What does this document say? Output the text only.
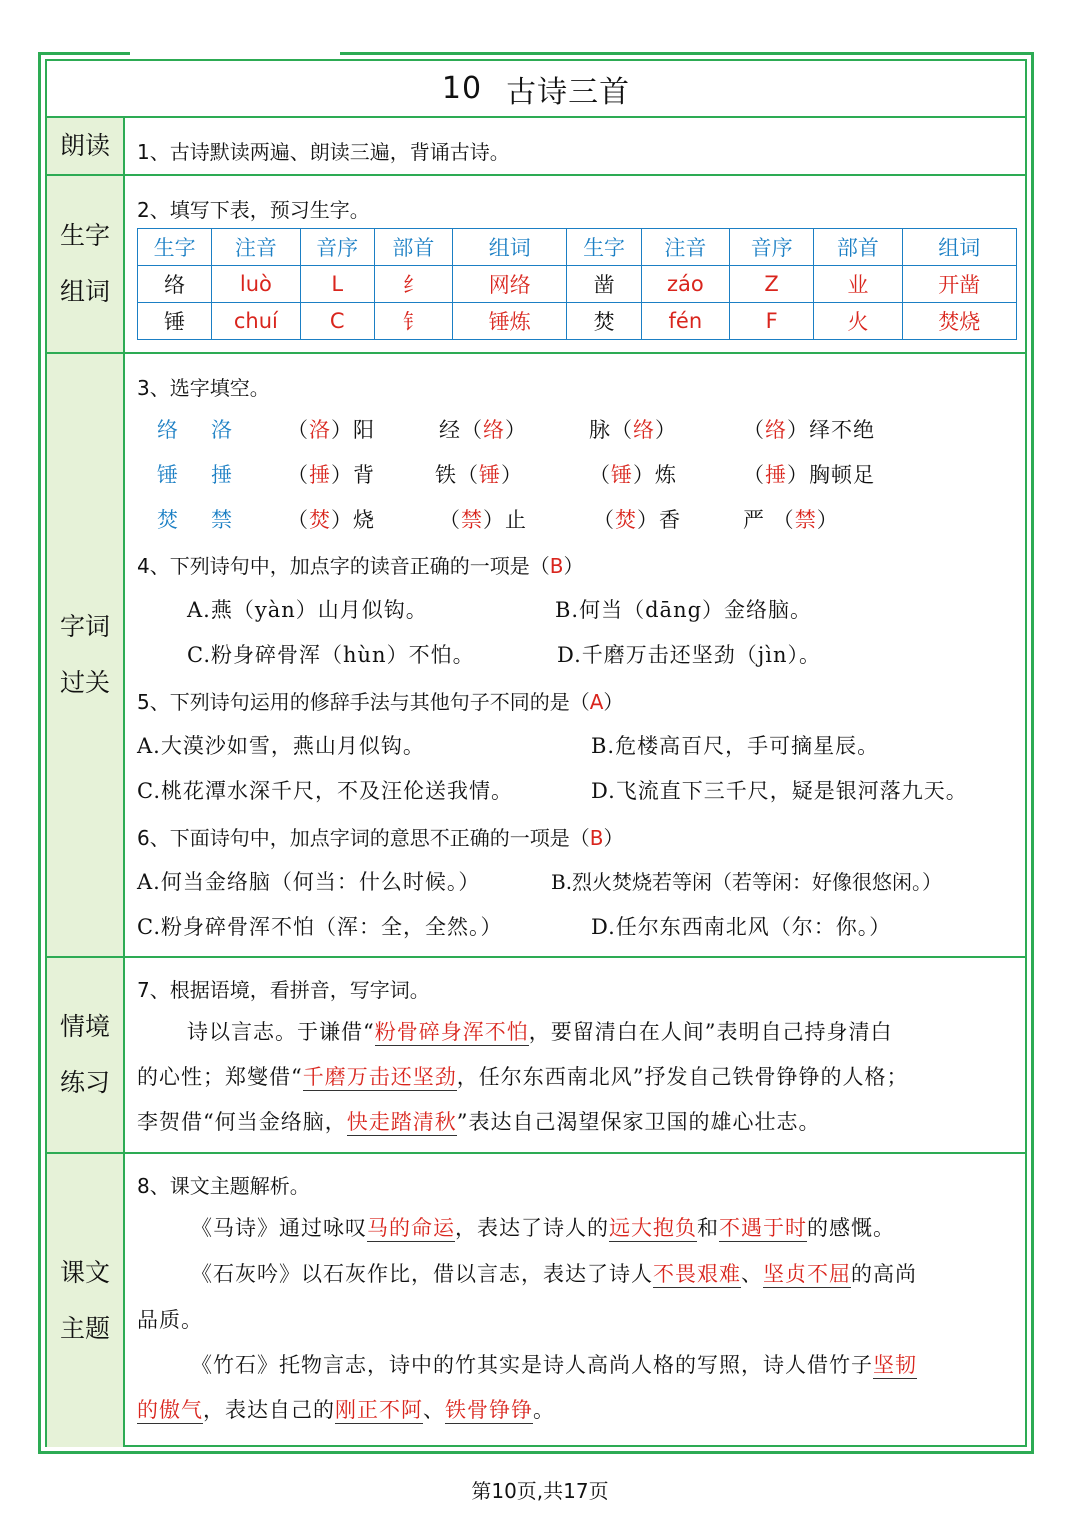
10 古诗三首
朗读 1、古诗默读两遍、朗读三遍，背诵古诗。
生字
组词
2、填写下表，预习生字。
生字	注音	音序	部首	组词	生字	注音	音序	部首	组词
络	luò	L	纟	网络	凿	záo	Z	业	开凿
锤	chuí	C	钅	锤炼	焚	fén	F	火	焚烧
字词
过关
3、选字填空。
络 洛	（洛）阳	经（络）	脉（络）	（络）绎不绝
锤 捶	（捶）背	铁（锤）	（锤）炼	（捶）胸顿足
焚 禁	（焚）烧	（禁）止	（焚）香	严 （禁）
4、下列诗句中，加点字的读音正确的一项是（B）
A.燕（yàn）山月似钩。	B.何当（dāng）金络脑。
C.粉身碎骨浑（hùn）不怕。	D.千磨万击还坚劲（jìn）。
5、下列诗句运用的修辞手法与其他句子不同的是（A）
A.大漠沙如雪，燕山月似钩。	B.危楼高百尺，手可摘星辰。
C.桃花潭水深千尺，不及汪伦送我情。	D.飞流直下三千尺，疑是银河落九天。
6、下面诗句中，加点字词的意思不正确的一项是（B）
A.何当金络脑（何当：什么时候。）	B.烈火焚烧若等闲（若等闲：好像很悠闲。）
C.粉身碎骨浑不怕（浑：全，全然。）	D.任尔东西南北风（尔：你。）
情境
练习
7、根据语境，看拼音，写字词。
诗以言志。于谦借“粉骨碎身浑不怕，要留清白在人间”表明自己持身清白
的心性；郑燮借“千磨万击还坚劲，任尔东西南北风”抒发自己铁骨铮铮的人格；
李贺借“何当金络脑，快走踏清秋”表达自己渴望保家卫国的雄心壮志。
课文
主题
8、课文主题解析。
《马诗》通过咏叹马的命运，表达了诗人的远大抱负和不遇于时的感慨。
《石灰吟》以石灰作比，借以言志，表达了诗人不畏艰难、坚贞不屈的高尚
品质。
《竹石》托物言志，诗中的竹其实是诗人高尚人格的写照，诗人借竹子坚韧
的傲气，表达自己的刚正不阿、铁骨铮铮。
第10页,共17页
